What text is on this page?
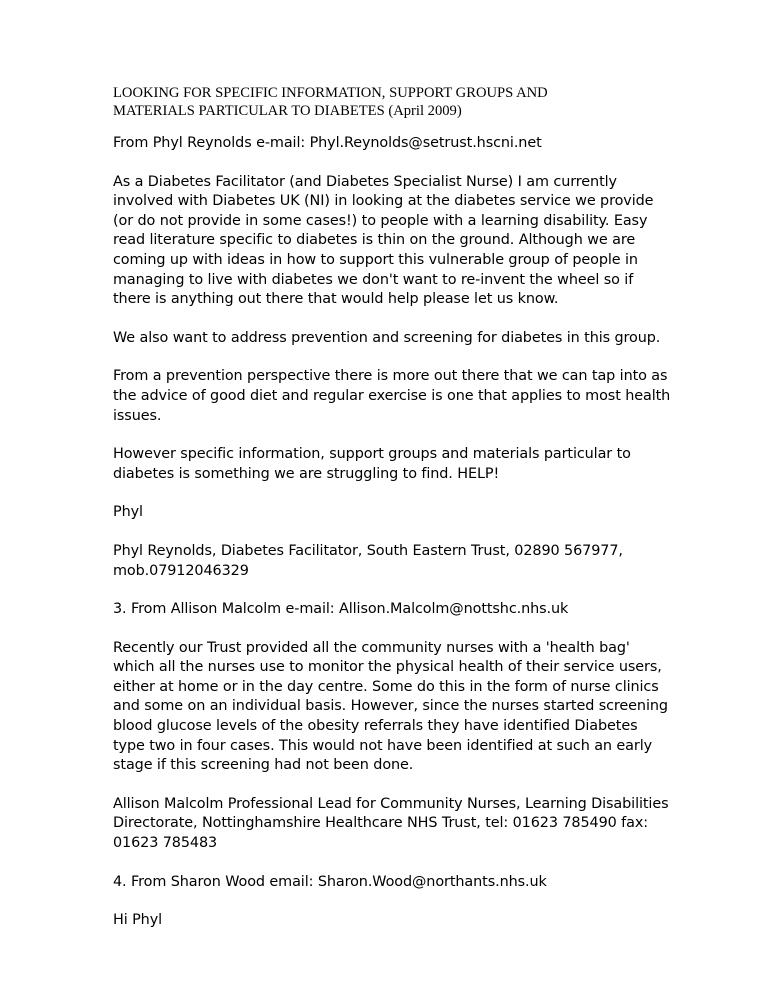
LOOKING FOR SPECIFIC INFORMATION, SUPPORT GROUPS AND
MATERIALS PARTICULAR TO DIABETES (April 2009)

From Phyl Reynolds e-mail: Phyl.Reynolds@setrust.hscni.net

As a Diabetes Facilitator (and Diabetes Specialist Nurse) I am currently involved with Diabetes UK (NI) in looking at the diabetes service we provide (or do not provide in some cases!) to people with a learning disability. Easy read literature specific to diabetes is thin on the ground. Although we are coming up with ideas in how to support this vulnerable group of people in managing to live with diabetes we don't want to re-invent the wheel so if there is anything out there that would help please let us know.

We also want to address prevention and screening for diabetes in this group.

From a prevention perspective there is more out there that we can tap into as the advice of good diet and regular exercise is one that applies to most health issues.

However specific information, support groups and materials particular to diabetes is something we are struggling to find. HELP!

Phyl

Phyl Reynolds, Diabetes Facilitator, South Eastern Trust, 02890 567977, mob.07912046329

3. From Allison Malcolm e-mail: Allison.Malcolm@nottshc.nhs.uk

Recently our Trust provided all the community nurses with a 'health bag' which all the nurses use to monitor the physical health of their service users, either at home or in the day centre. Some do this in the form of nurse clinics and some on an individual basis. However, since the nurses started screening blood glucose levels of the obesity referrals they have identified Diabetes type two in four cases. This would not have been identified at such an early stage if this screening had not been done.

Allison Malcolm Professional Lead for Community Nurses, Learning Disabilities Directorate, Nottinghamshire Healthcare NHS Trust, tel: 01623 785490 fax: 01623 785483

4. From Sharon Wood email: Sharon.Wood@northants.nhs.uk

Hi Phyl
